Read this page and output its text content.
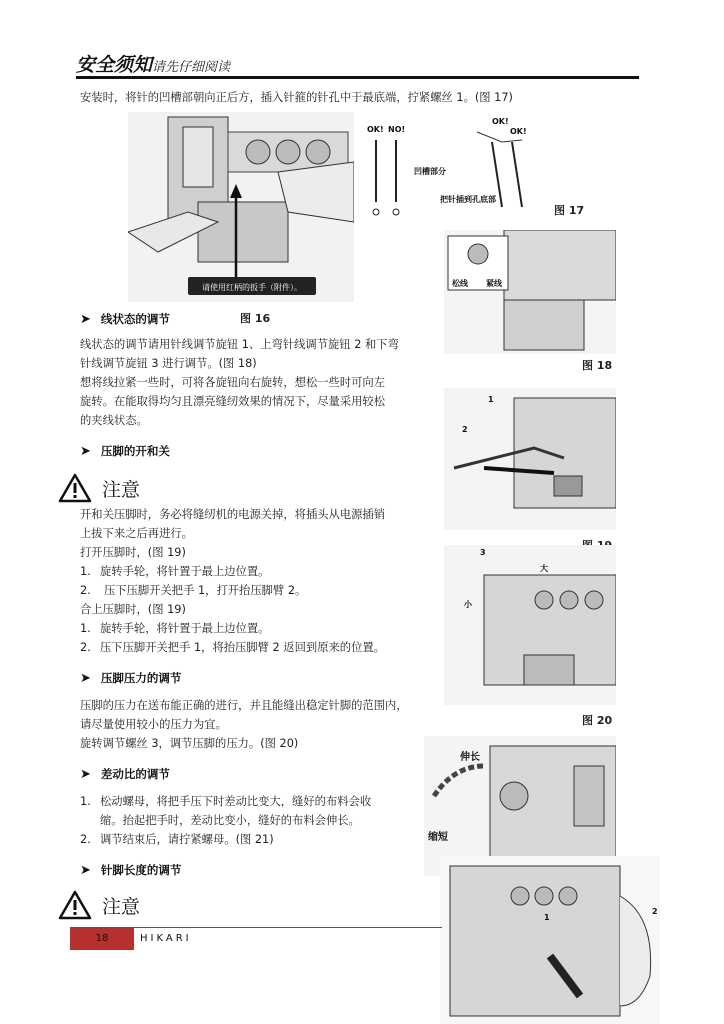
安全须知请先仔细阅读
安装时，将针的凹槽部朝向正后方，插入针箍的针孔中于最底端，拧紧螺丝 1。(图 17)
请使用红柄的扳手（附件）。
OK! NO!
凹槽部分
把针插到孔底部
OK!
OK!
图 17
松线 紧线
图 18
1
2
3
大
小
图 20
伸长
缩短
2
1
图 16
➤ 线状态的调节
线状态的调节请用针线调节旋钮 1、上弯针线调节旋钮 2 和下弯
针线调节旋钮 3 进行调节。(图 18)
想将线拉紧一些时，可将各旋钮向右旋转，想松一些时可向左
旋转。在能取得均匀且漂亮缝纫效果的情况下，尽量采用较松
的夹线状态。
➤ 压脚的开和关
注意
开和关压脚时，务必将缝纫机的电源关掉，将插头从电源插销
上拔下来之后再进行。
打开压脚时，(图 19)
1. 旋转手轮，将针置于最上边位置。
2. 压下压脚开关把手 1，打开抬压脚臂 2。
合上压脚时，(图 19)
1. 旋转手轮，将针置于最上边位置。
2. 压下压脚开关把手 1，将抬压脚臂 2 返回到原来的位置。
➤ 压脚压力的调节
压脚的压力在送布能正确的进行，并且能缝出稳定针脚的范围内，
请尽量使用较小的压力为宜。
旋转调节螺丝 3，调节压脚的压力。(图 20)
➤ 差动比的调节
1. 松动螺母，将把手压下时差动比变大，缝好的布料会收
缩。抬起把手时，差动比变小，缝好的布料会伸长。
2. 调节结束后，请拧紧螺母。(图 21)
➤ 针脚长度的调节
注意
18	HIKARI
